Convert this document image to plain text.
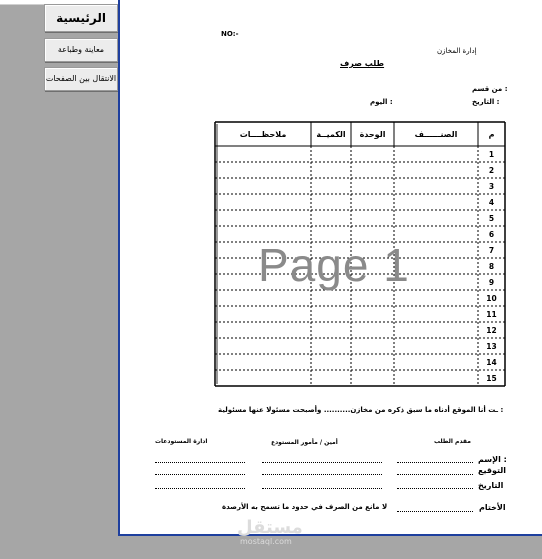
الرئيسية
معاينة وطباعة
الانتقال بين الصفحات
NO:-
إدارة المخازن
طلب صرف
من قسم :
التاريخ :
اليوم :
م
الصنــــــف
الوحدة
الكميــة
ملاحظــــات
1
2
3
4
5
6
7
8
9
10
11
12
13
14
15
Page 1
ـت أنا الموقع أدناه ما سبق ذكره من مخازن.......... وأصبحت مسئولا عنها مسئولية :
مقدم الطلب
أمين / مأمور المستودع
ادارة المستودعات
الإسم :
التوقيع
التاريخ
الأختام
لا مانع من الصرف في حدود ما تسمح به الأرصدة
مستقل
mostaql.com
